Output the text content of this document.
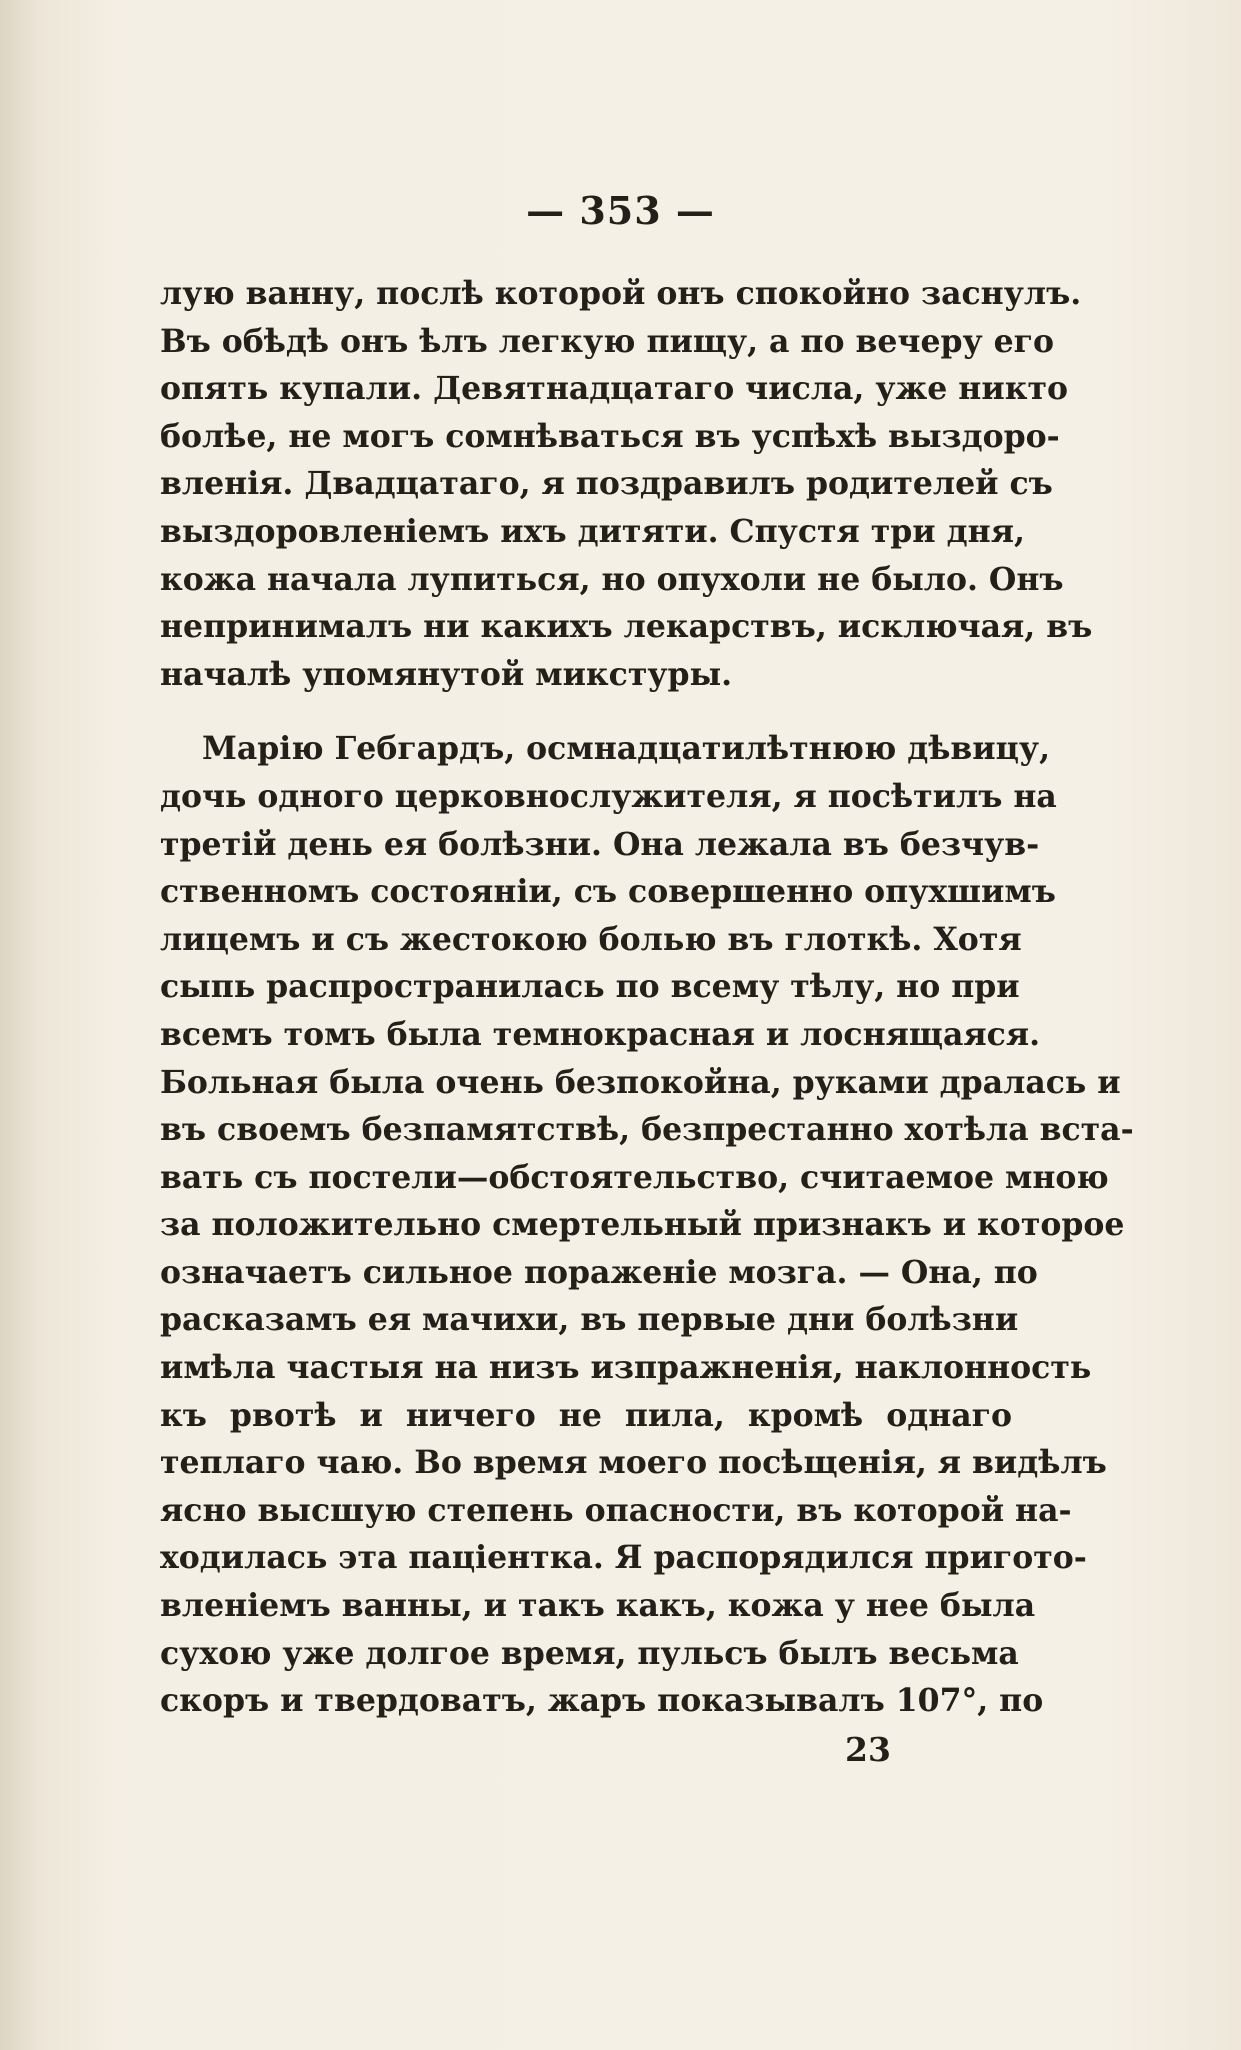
— 353 —
лую ванну, послѣ которой онъ спокойно заснулъ.
Въ обѣдѣ онъ ѣлъ легкую пищу, а по вечеру его
опять купали. Девятнадцатаго числа, уже никто
болѣе, не могъ сомнѣваться въ успѣхѣ выздоро-
вленія. Двадцатаго, я поздравилъ родителей съ
выздоровленіемъ ихъ дитяти. Спустя три дня,
кожа начала лупиться, но опухоли не было. Онъ
непринималъ ни какихъ лекарствъ, исключая, въ
началѣ упомянутой микстуры.
Марію Гебгардъ, осмнадцатилѣтнюю дѣвицу,
дочь одного церковнослужителя, я посѣтилъ на
третій день ея болѣзни. Она лежала въ безчув-
ственномъ состояніи, съ совершенно опухшимъ
лицемъ и съ жестокою болью въ глоткѣ. Хотя
сыпь распространилась по всему тѣлу, но при
всемъ томъ была темнокрасная и лоснящаяся.
Больная была очень безпокойна, руками дралась и
въ своемъ безпамятствѣ, безпрестанно хотѣла вста-
вать съ постели—обстоятельство, считаемое мною
за положительно смертельный признакъ и которое
означаетъ сильное пораженіе мозга. — Она, по
расказамъ ея мачихи, въ первые дни болѣзни
имѣла частыя на низъ изпражненія, наклонность
къ рвотѣ и ничего не пила, кромѣ однаго
теплаго чаю. Во время моего посѣщенія, я видѣлъ
ясно высшую степень опасности, въ которой на-
ходилась эта паціентка. Я распорядился пригото-
вленіемъ ванны, и такъ какъ, кожа у нее была
сухою уже долгое время, пульсъ былъ весьма
скоръ и твердоватъ, жаръ показывалъ 107°, по
23
